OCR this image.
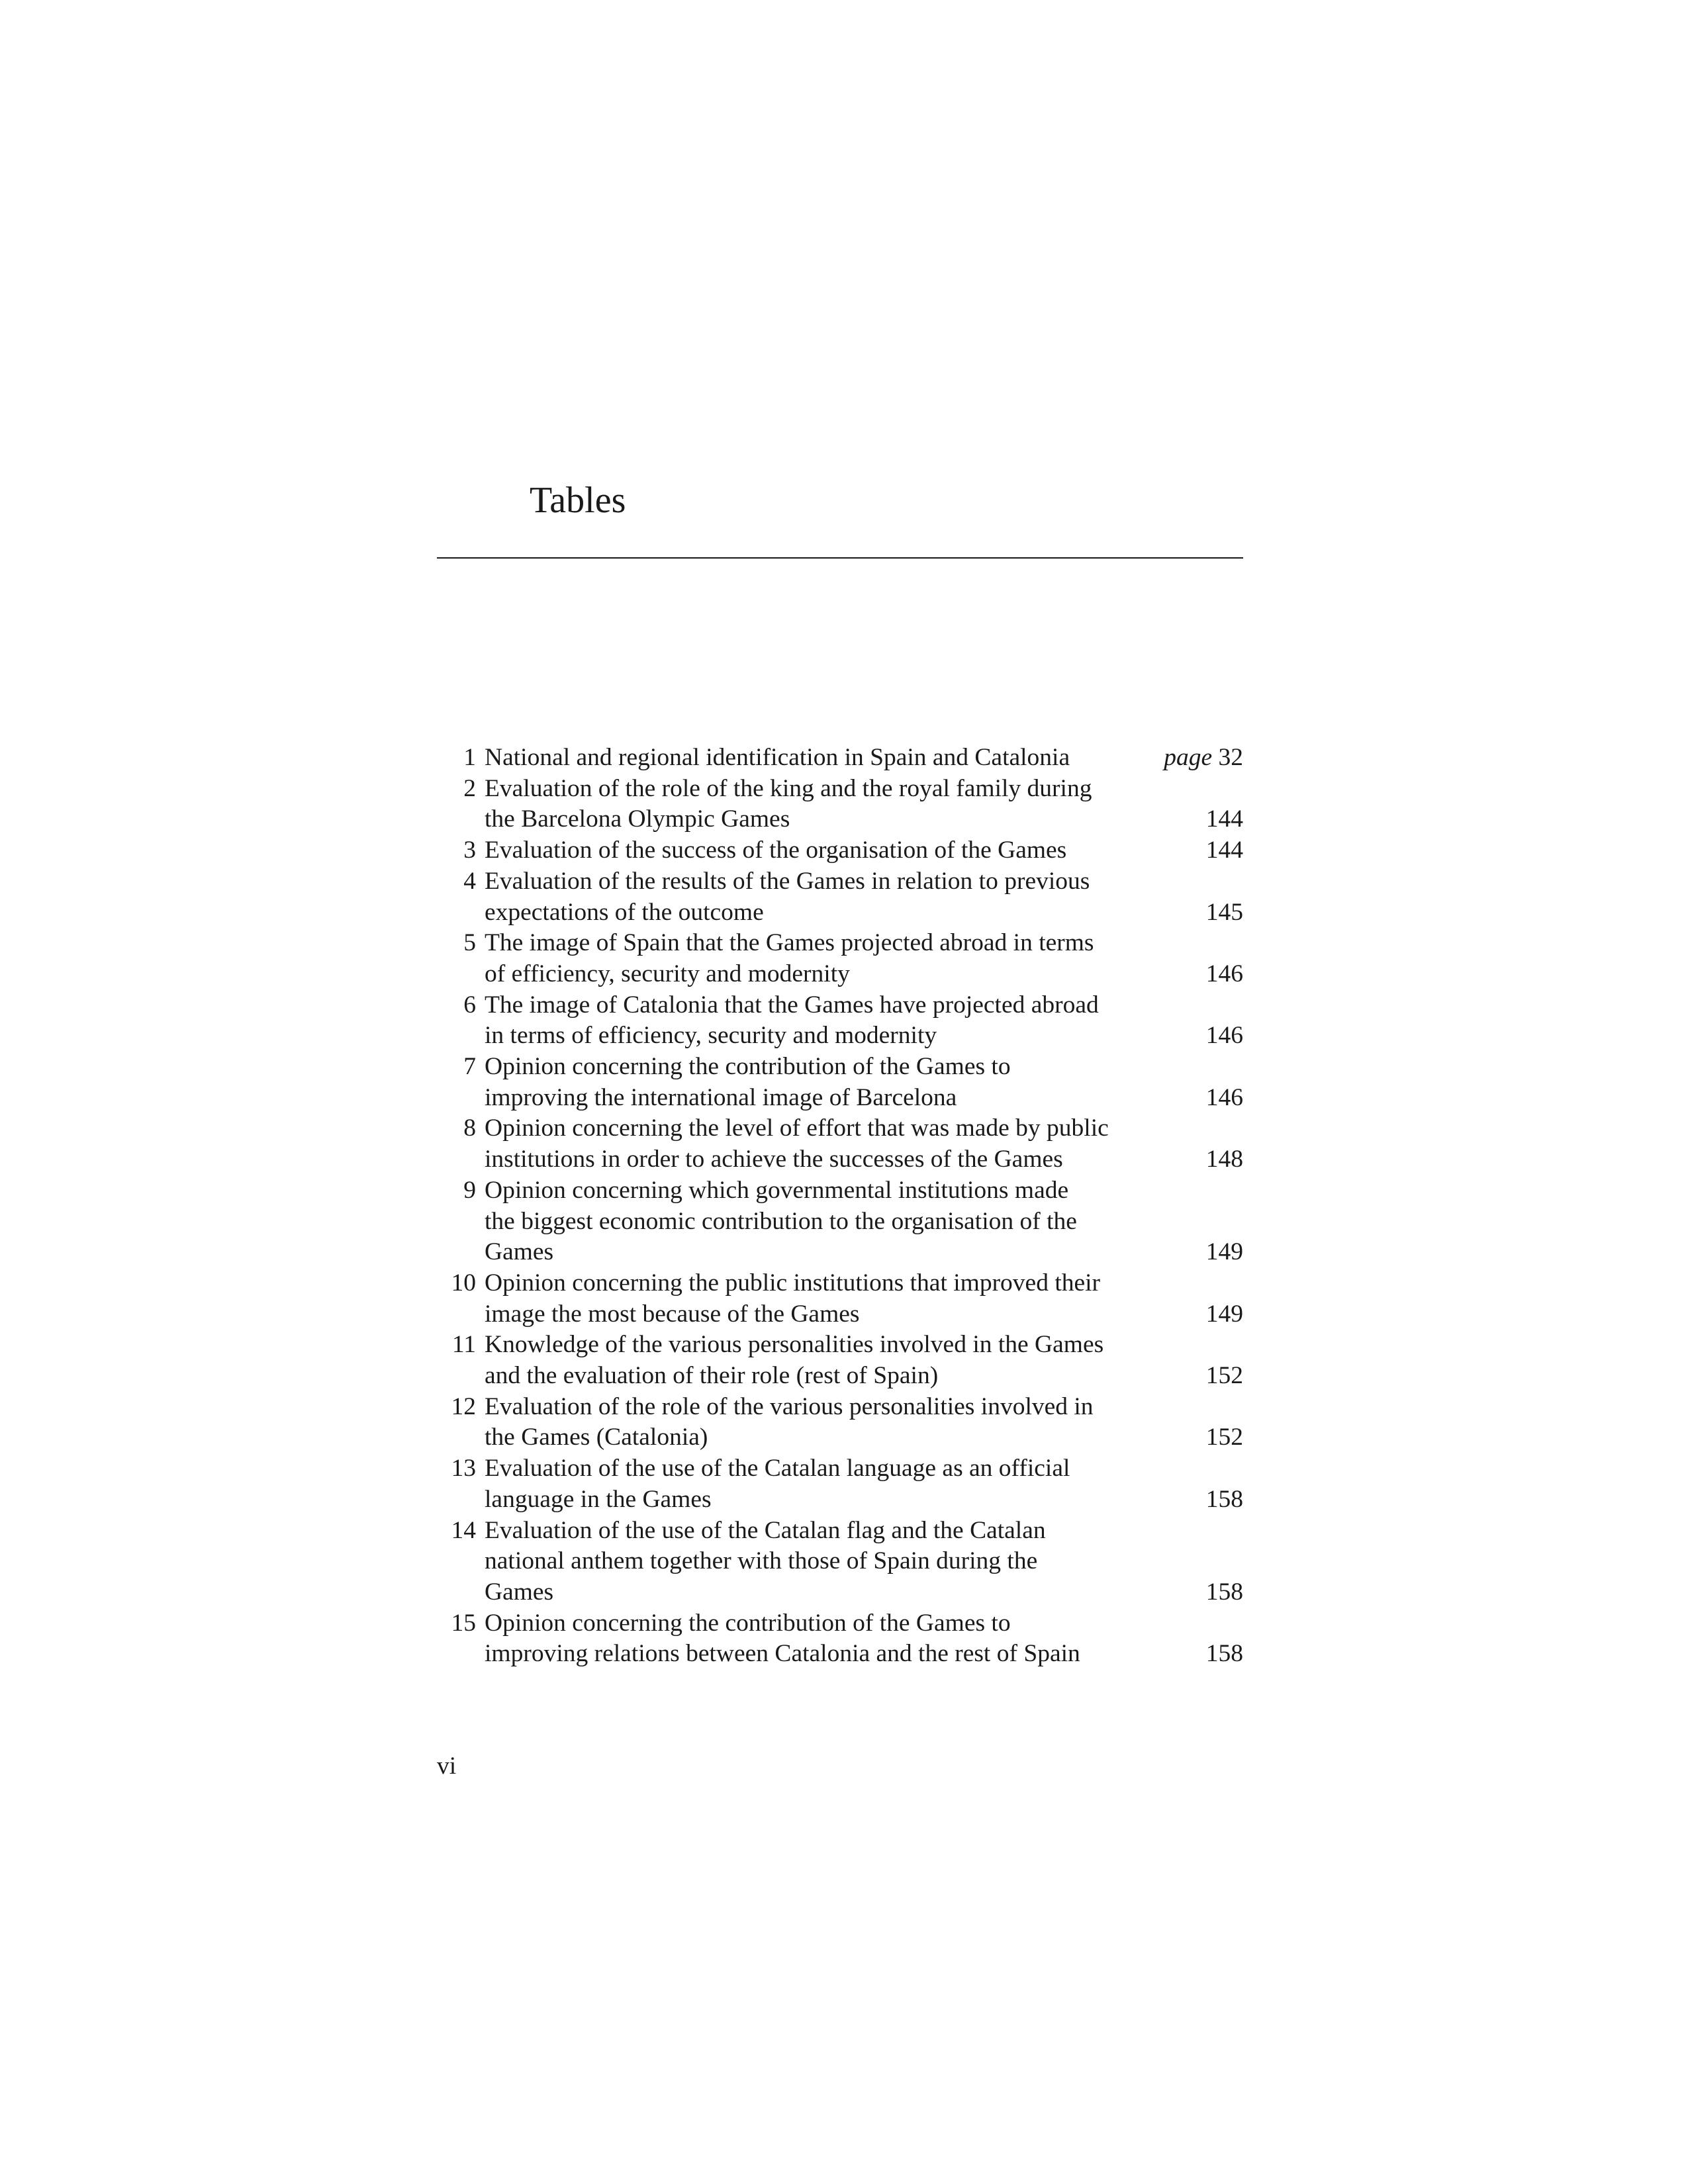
Tables
1 National and regional identification in Spain and Catalonia	page 32
2 Evaluation of the role of the king and the royal family during
the Barcelona Olympic Games	144
3 Evaluation of the success of the organisation of the Games	144
4 Evaluation of the results of the Games in relation to previous
expectations of the outcome	145
5 The image of Spain that the Games projected abroad in terms
of efficiency, security and modernity	146
6 The image of Catalonia that the Games have projected abroad
in terms of efficiency, security and modernity	146
7 Opinion concerning the contribution of the Games to
improving the international image of Barcelona	146
8 Opinion concerning the level of effort that was made by public
institutions in order to achieve the successes of the Games	148
9 Opinion concerning which governmental institutions made
the biggest economic contribution to the organisation of the
Games	149
10 Opinion concerning the public institutions that improved their
image the most because of the Games	149
11 Knowledge of the various personalities involved in the Games
and the evaluation of their role (rest of Spain)	152
12 Evaluation of the role of the various personalities involved in
the Games (Catalonia)	152
13 Evaluation of the use of the Catalan language as an official
language in the Games	158
14 Evaluation of the use of the Catalan flag and the Catalan
national anthem together with those of Spain during the
Games	158
15 Opinion concerning the contribution of the Games to
improving relations between Catalonia and the rest of Spain	158
vi
